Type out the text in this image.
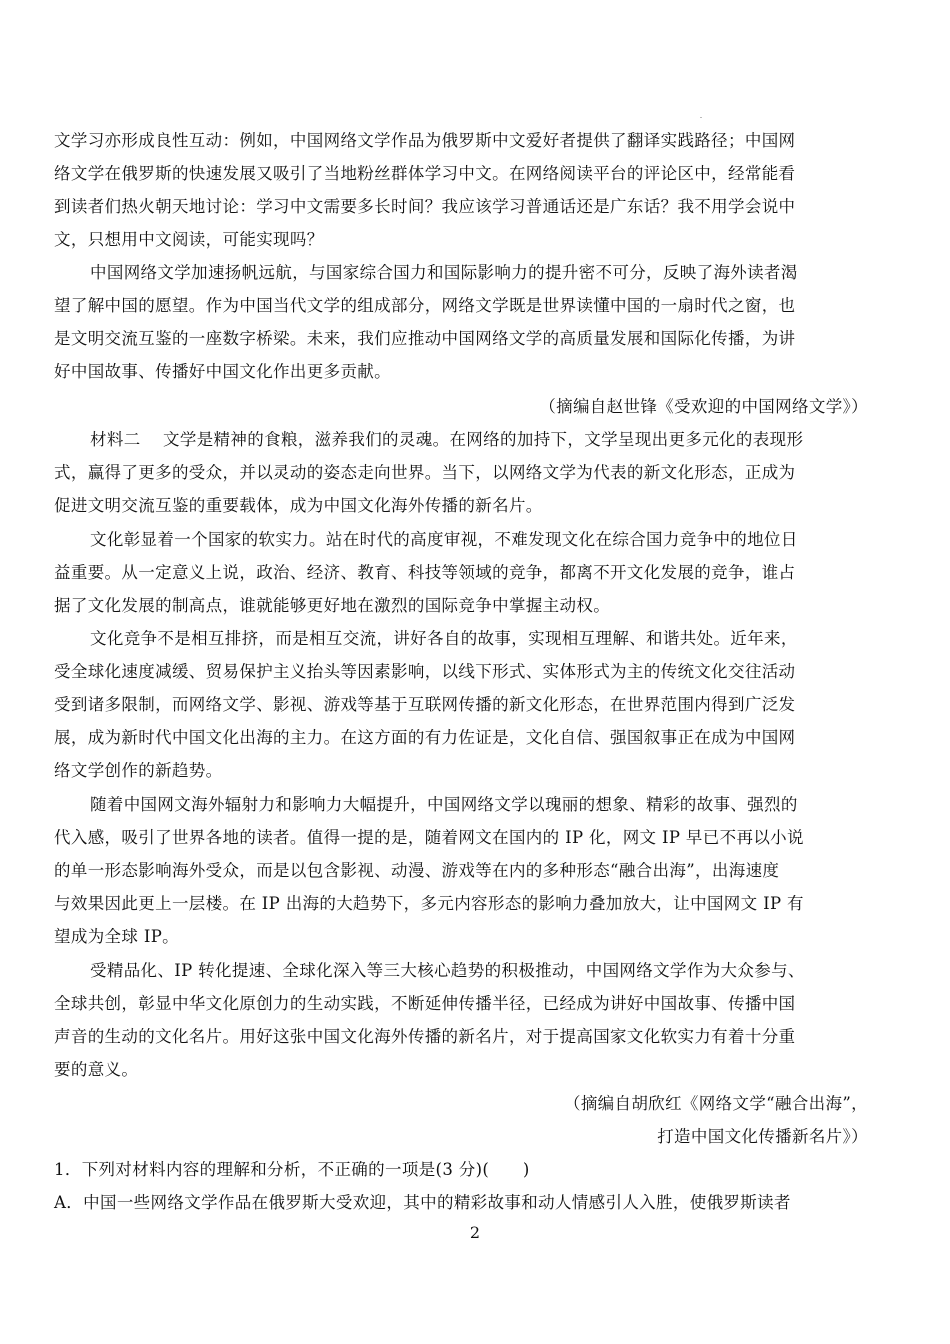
文学习亦形成良性互动：例如，中国网络文学作品为俄罗斯中文爱好者提供了翻译实践路径；中国网
络文学在俄罗斯的快速发展又吸引了当地粉丝群体学习中文。在网络阅读平台的评论区中，经常能看
到读者们热火朝天地讨论：学习中文需要多长时间？我应该学习普通话还是广东话？我不用学会说中
文，只想用中文阅读，可能实现吗？
中国网络文学加速扬帆远航，与国家综合国力和国际影响力的提升密不可分，反映了海外读者渴
望了解中国的愿望。作为中国当代文学的组成部分，网络文学既是世界读懂中国的一扇时代之窗，也
是文明交流互鉴的一座数字桥梁。未来，我们应推动中国网络文学的高质量发展和国际化传播，为讲
好中国故事、传播好中国文化作出更多贡献。
（摘编自赵世锋《受欢迎的中国网络文学》）
材料二　 文学是精神的食粮，滋养我们的灵魂。在网络的加持下，文学呈现出更多元化的表现形
式，赢得了更多的受众，并以灵动的姿态走向世界。当下，以网络文学为代表的新文化形态，正成为
促进文明交流互鉴的重要载体，成为中国文化海外传播的新名片。
文化彰显着一个国家的软实力。站在时代的高度审视，不难发现文化在综合国力竞争中的地位日
益重要。从一定意义上说，政治、经济、教育、科技等领域的竞争，都离不开文化发展的竞争，谁占
据了文化发展的制高点，谁就能够更好地在激烈的国际竞争中掌握主动权。
文化竞争不是相互排挤，而是相互交流，讲好各自的故事，实现相互理解、和谐共处。近年来，
受全球化速度减缓、贸易保护主义抬头等因素影响，以线下形式、实体形式为主的传统文化交往活动
受到诸多限制，而网络文学、影视、游戏等基于互联网传播的新文化形态，在世界范围内得到广泛发
展，成为新时代中国文化出海的主力。在这方面的有力佐证是，文化自信、强国叙事正在成为中国网
络文学创作的新趋势。
随着中国网文海外辐射力和影响力大幅提升，中国网络文学以瑰丽的想象、精彩的故事、强烈的
代入感，吸引了世界各地的读者。值得一提的是，随着网文在国内的 IP 化，网文 IP 早已不再以小说
的单一形态影响海外受众，而是以包含影视、动漫、游戏等在内的多种形态“融合出海”，出海速度
与效果因此更上一层楼。在 IP 出海的大趋势下，多元内容形态的影响力叠加放大，让中国网文 IP 有
望成为全球 IP。
受精品化、IP 转化提速、全球化深入等三大核心趋势的积极推动，中国网络文学作为大众参与、
全球共创，彰显中华文化原创力的生动实践，不断延伸传播半径，已经成为讲好中国故事、传播中国
声音的生动的文化名片。用好这张中国文化海外传播的新名片，对于提高国家文化软实力有着十分重
要的意义。
（摘编自胡欣红《网络文学“融合出海”，
打造中国文化传播新名片》）
1．下列对材料内容的理解和分析，不正确的一项是(3 分)(　　)
A．中国一些网络文学作品在俄罗斯大受欢迎，其中的精彩故事和动人情感引人入胜，使俄罗斯读者
2
